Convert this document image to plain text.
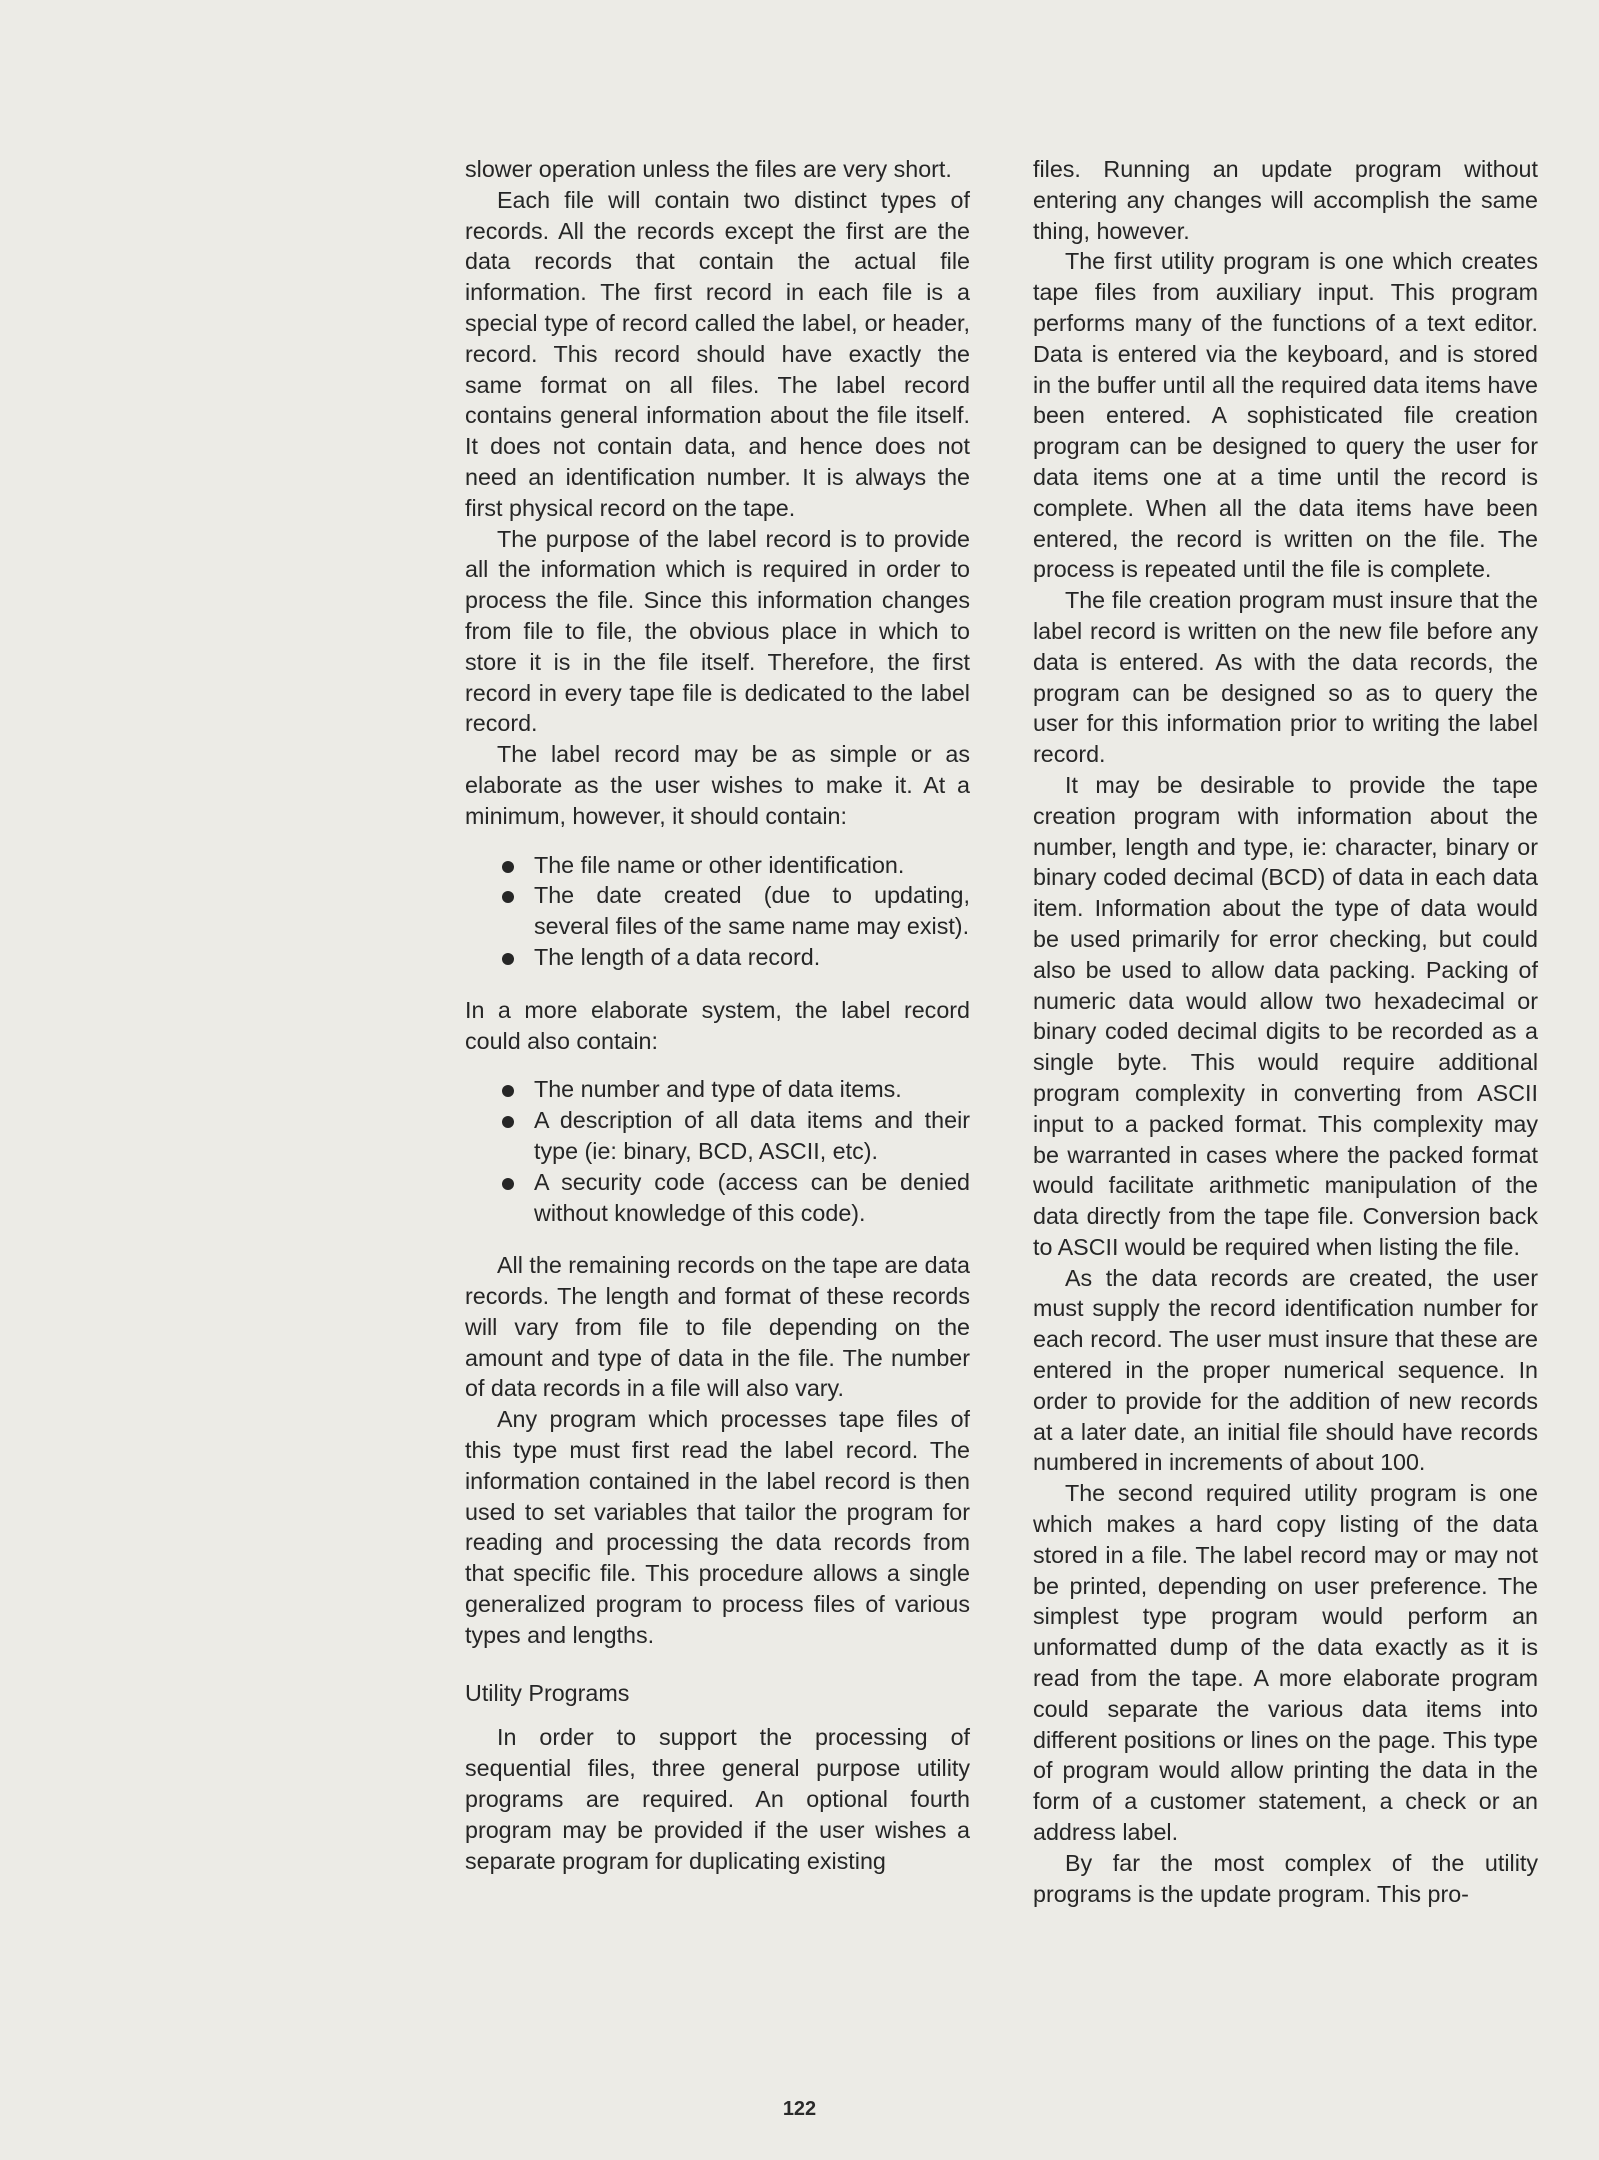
slower operation unless the files are very short.

Each file will contain two distinct types of records. All the records except the first are the data records that contain the actual file information. The first record in each file is a special type of record called the label, or header, record. This record should have exactly the same format on all files. The label record contains general information about the file itself. It does not contain data, and hence does not need an identification number. It is always the first physical record on the tape.

The purpose of the label record is to provide all the information which is required in order to process the file. Since this information changes from file to file, the obvious place in which to store it is in the file itself. Therefore, the first record in every tape file is dedicated to the label record.

The label record may be as simple or as elaborate as the user wishes to make it. At a minimum, however, it should contain:

The file name or other identification.
The date created (due to updating, several files of the same name may exist).
The length of a data record.

In a more elaborate system, the label record could also contain:

The number and type of data items.
A description of all data items and their type (ie: binary, BCD, ASCII, etc).
A security code (access can be denied without knowledge of this code).

All the remaining records on the tape are data records. The length and format of these records will vary from file to file depending on the amount and type of data in the file. The number of data records in a file will also vary.

Any program which processes tape files of this type must first read the label record. The information contained in the label record is then used to set variables that tailor the program for reading and processing the data records from that specific file. This procedure allows a single generalized program to process files of various types and lengths.

Utility Programs

In order to support the processing of sequential files, three general purpose utility programs are required. An optional fourth program may be provided if the user wishes a separate program for duplicating existing

files. Running an update program without entering any changes will accomplish the same thing, however.

The first utility program is one which creates tape files from auxiliary input. This program performs many of the functions of a text editor. Data is entered via the keyboard, and is stored in the buffer until all the required data items have been entered. A sophisticated file creation program can be designed to query the user for data items one at a time until the record is complete. When all the data items have been entered, the record is written on the file. The process is repeated until the file is complete.

The file creation program must insure that the label record is written on the new file before any data is entered. As with the data records, the program can be designed so as to query the user for this information prior to writing the label record.

It may be desirable to provide the tape creation program with information about the number, length and type, ie: character, binary or binary coded decimal (BCD) of data in each data item. Information about the type of data would be used primarily for error checking, but could also be used to allow data packing. Packing of numeric data would allow two hexadecimal or binary coded decimal digits to be recorded as a single byte. This would require additional program complexity in converting from ASCII input to a packed format. This complexity may be warranted in cases where the packed format would facilitate arithmetic manipulation of the data directly from the tape file. Conversion back to ASCII would be required when listing the file.

As the data records are created, the user must supply the record identification number for each record. The user must insure that these are entered in the proper numerical sequence. In order to provide for the addition of new records at a later date, an initial file should have records numbered in increments of about 100.

The second required utility program is one which makes a hard copy listing of the data stored in a file. The label record may or may not be printed, depending on user preference. The simplest type program would perform an unformatted dump of the data exactly as it is read from the tape. A more elaborate program could separate the various data items into different positions or lines on the page. This type of program would allow printing the data in the form of a customer statement, a check or an address label.

By far the most complex of the utility programs is the update program. This pro-

122
